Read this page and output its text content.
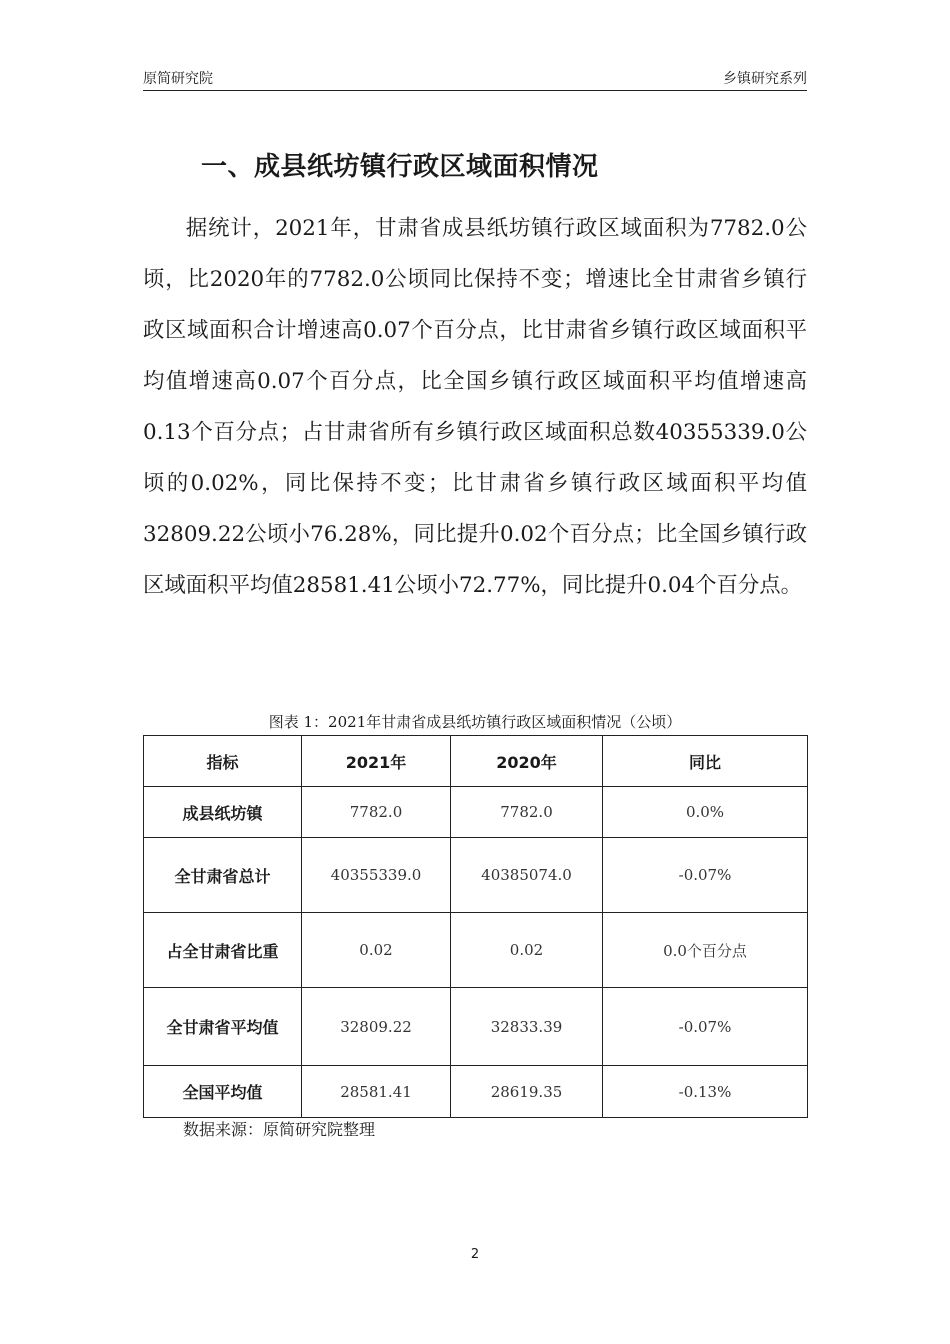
原简研究院	乡镇研究系列
一、成县纸坊镇行政区域面积情况

据统计，2021年，甘肃省成县纸坊镇行政区域面积为7782.0公顷，比2020年的7782.0公顷同比保持不变；增速比全甘肃省乡镇行政区域面积合计增速高0.07个百分点，比甘肃省乡镇行政区域面积平均值增速高0.07个百分点，比全国乡镇行政区域面积平均值增速高0.13个百分点；占甘肃省所有乡镇行政区域面积总数40355339.0公顷的0.02%，同比保持不变；比甘肃省乡镇行政区域面积平均值32809.22公顷小76.28%，同比提升0.02个百分点；比全国乡镇行政区域面积平均值28581.41公顷小72.77%，同比提升0.04个百分点。

图表 1：2021年甘肃省成县纸坊镇行政区域面积情况（公顷）
指标	2021年	2020年	同比
成县纸坊镇	7782.0	7782.0	0.0%
全甘肃省总计	40355339.0	40385074.0	-0.07%
占全甘肃省比重	0.02	0.02	0.0个百分点
全甘肃省平均值	32809.22	32833.39	-0.07%
全国平均值	28581.41	28619.35	-0.13%
数据来源：原简研究院整理
2
